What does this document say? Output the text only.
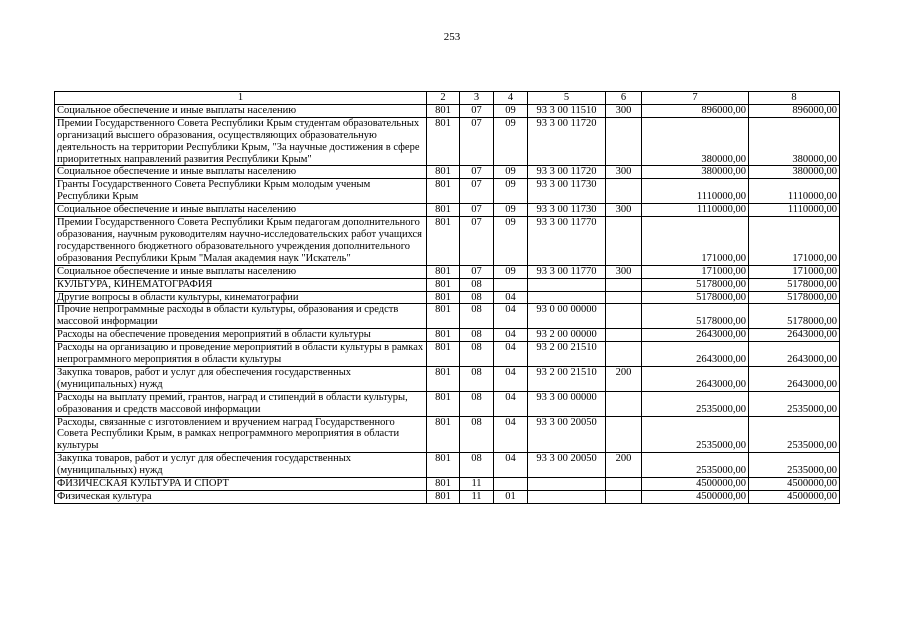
253
1	2	3	4	5	6	7	8
Социальное обеспечение и иные выплаты населению	801	07	09	93 3 00 11510	300	896000,00	896000,00
Премии Государственного Совета Республики Крым студентам образовательных организаций высшего образования, осуществляющих образовательную деятельность на территории Республики Крым, "За научные достижения в сфере приоритетных направлений развития Республики Крым"	801	07	09	93 3 00 11720		380000,00	380000,00
Социальное обеспечение и иные выплаты населению	801	07	09	93 3 00 11720	300	380000,00	380000,00
Гранты Государственного Совета Республики Крым молодым ученым Республики Крым	801	07	09	93 3 00 11730		1110000,00	1110000,00
Социальное обеспечение и иные выплаты населению	801	07	09	93 3 00 11730	300	1110000,00	1110000,00
Премии Государственного Совета Республики Крым педагогам дополнительного образования, научным руководителям научно-исследовательских работ учащихся государственного бюджетного образовательного учреждения дополнительного образования Республики Крым "Малая академия наук "Искатель"	801	07	09	93 3 00 11770		171000,00	171000,00
Социальное обеспечение и иные выплаты населению	801	07	09	93 3 00 11770	300	171000,00	171000,00
КУЛЬТУРА, КИНЕМАТОГРАФИЯ	801	08				5178000,00	5178000,00
Другие вопросы в области культуры, кинематографии	801	08	04			5178000,00	5178000,00
Прочие непрограммные расходы в области культуры, образования и средств массовой информации	801	08	04	93 0 00 00000		5178000,00	5178000,00
Расходы на обеспечение проведения мероприятий в области культуры	801	08	04	93 2 00 00000		2643000,00	2643000,00
Расходы на организацию и проведение мероприятий в области культуры в рамках непрограммного мероприятия в области культуры	801	08	04	93 2 00 21510		2643000,00	2643000,00
Закупка товаров, работ и услуг для обеспечения государственных (муниципальных) нужд	801	08	04	93 2 00 21510	200	2643000,00	2643000,00
Расходы на выплату премий, грантов, наград и стипендий в области культуры, образования и средств массовой информации	801	08	04	93 3 00 00000		2535000,00	2535000,00
Расходы, связанные с изготовлением и вручением наград Государственного Совета Республики Крым, в рамках непрограммного мероприятия в области культуры	801	08	04	93 3 00 20050		2535000,00	2535000,00
Закупка товаров, работ и услуг для обеспечения государственных (муниципальных) нужд	801	08	04	93 3 00 20050	200	2535000,00	2535000,00
ФИЗИЧЕСКАЯ КУЛЬТУРА И СПОРТ	801	11				4500000,00	4500000,00
Физическая культура	801	11	01			4500000,00	4500000,00
